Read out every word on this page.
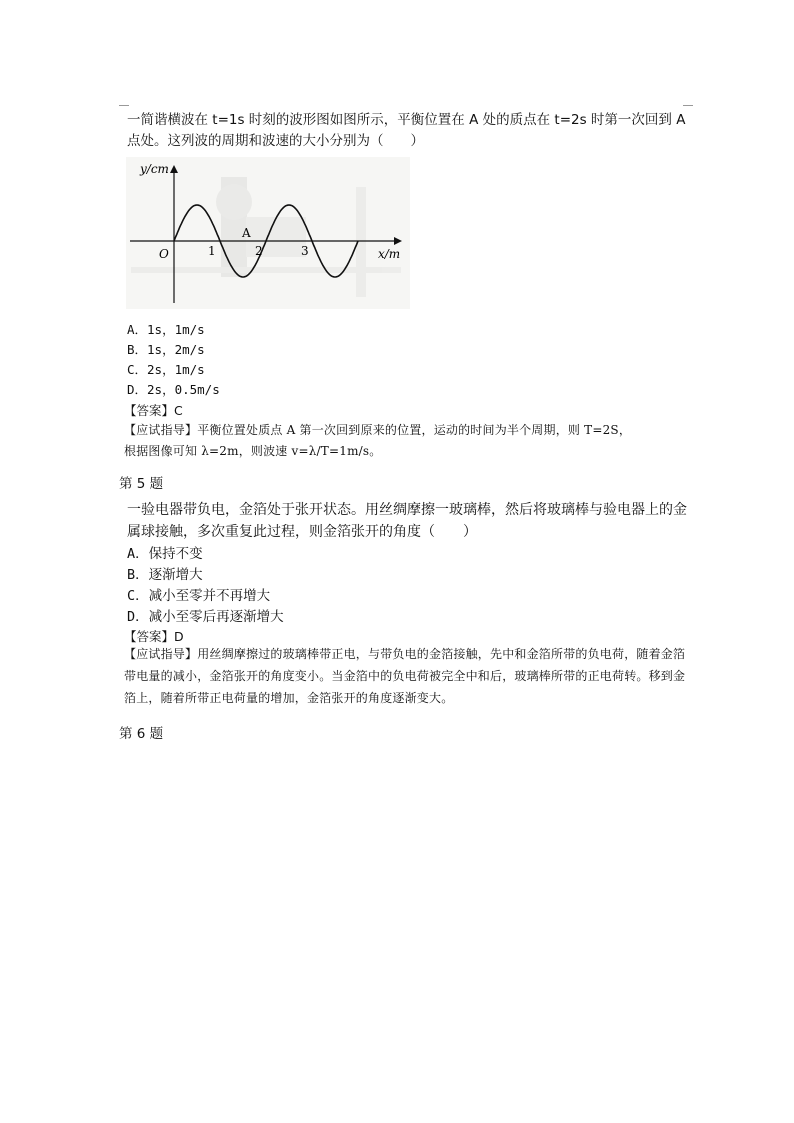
一简谐横波在 t=1s 时刻的波形图如图所示，平衡位置在 A 处的质点在 t=2s 时第一次回到 A 点处。这列波的周期和波速的大小分别为（　　）
y/cm
x/m
O
A
1	2	3
A．1s，1m/s
B．1s，2m/s
C．2s，1m/s
D．2s，0.5m/s
【答案】C
【应试指导】平衡位置处质点 A 第一次回到原来的位置，运动的时间为半个周期，则 T=2S，
根据图像可知 λ=2m，则波速 v=λ/T=1m/s。
第 5 题
一验电器带负电，金箔处于张开状态。用丝绸摩擦一玻璃棒，然后将玻璃棒与验电器上的金属球接触，多次重复此过程，则金箔张开的角度（　　）
A．保持不变
B．逐渐增大
C．减小至零并不再增大
D．减小至零后再逐渐增大
【答案】D
【应试指导】用丝绸摩擦过的玻璃棒带正电，与带负电的金箔接触，先中和金箔所带的负电荷，随着金箔带电量的减小，金箔张开的角度变小。当金箔中的负电荷被完全中和后，玻璃棒所带的正电荷转。移到金箔上，随着所带正电荷量的增加，金箔张开的角度逐渐变大。
第 6 题
